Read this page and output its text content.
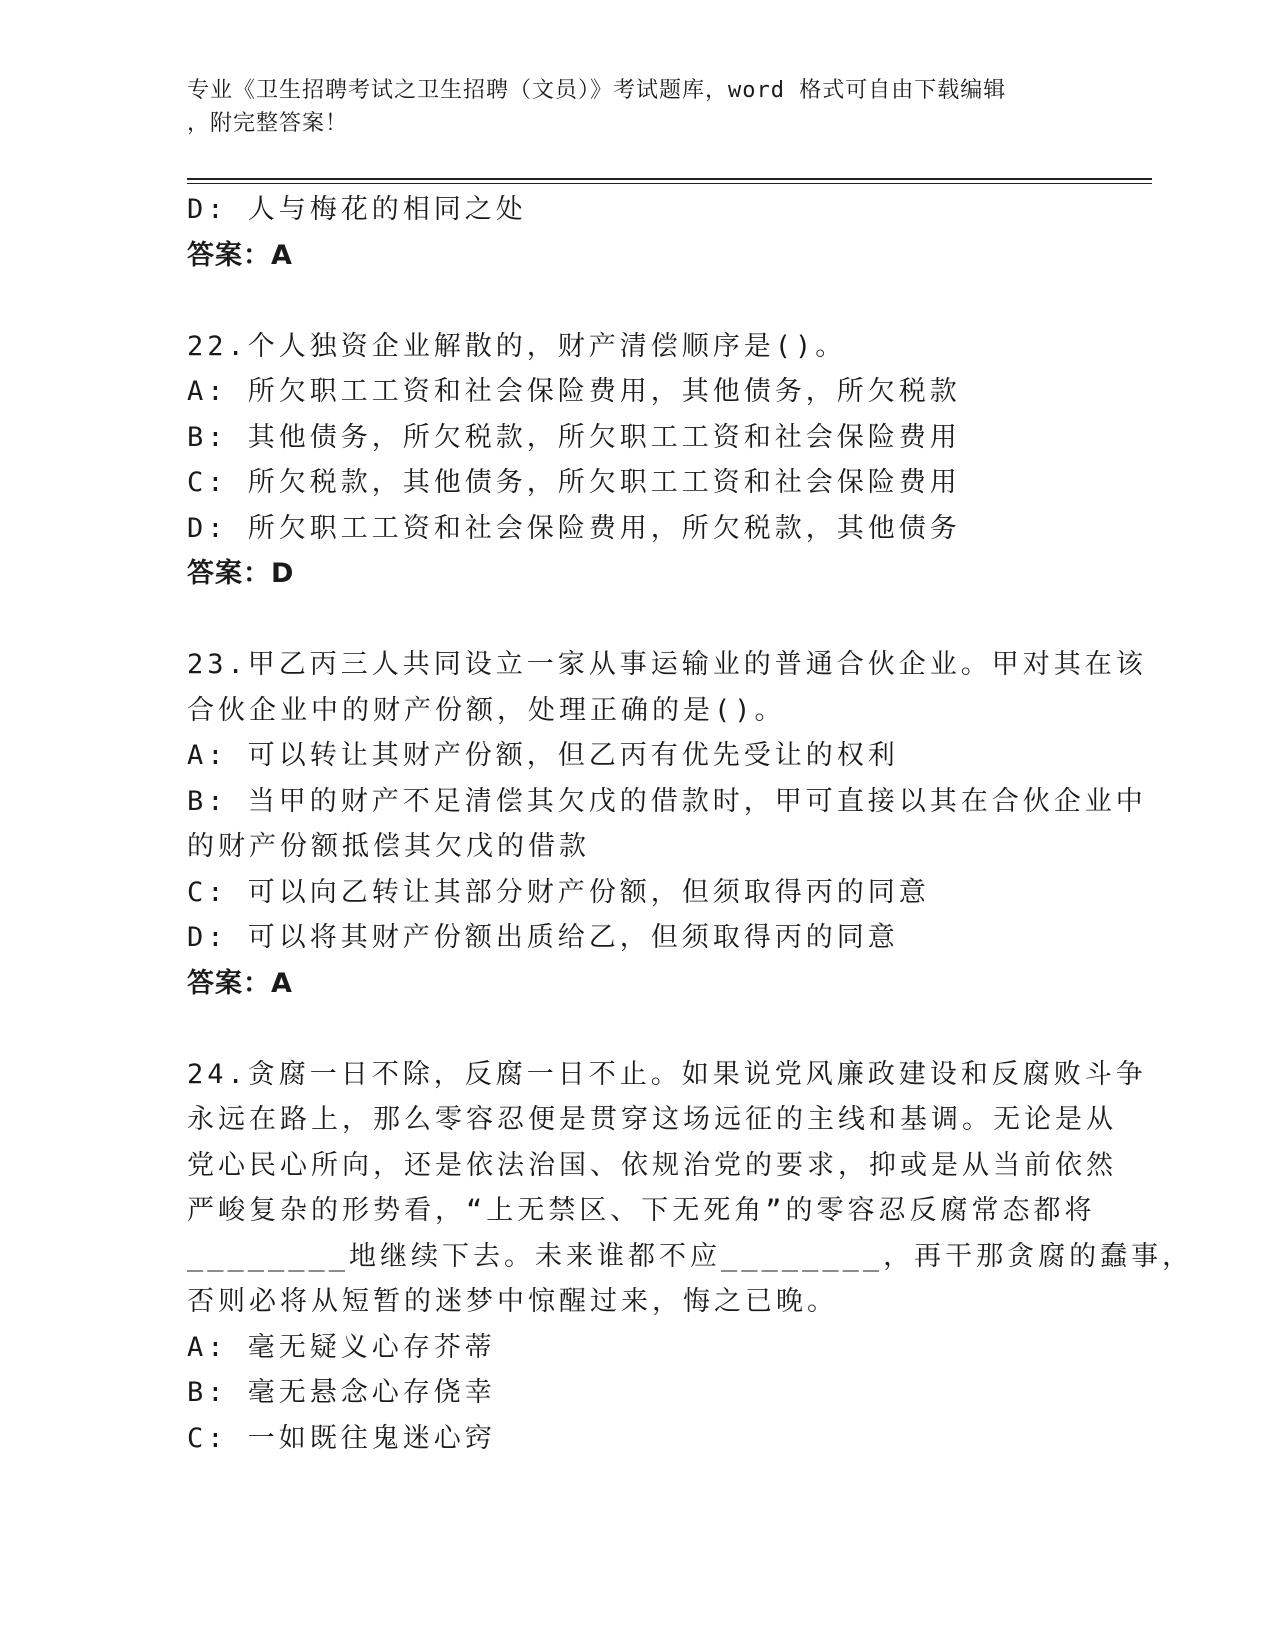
专业《卫生招聘考试之卫生招聘（文员）》考试题库，word 格式可自由下载编辑
，附完整答案！
D: 人与梅花的相同之处
答案：A
22.个人独资企业解散的，财产清偿顺序是()。
A: 所欠职工工资和社会保险费用，其他债务，所欠税款
B: 其他债务，所欠税款，所欠职工工资和社会保险费用
C: 所欠税款，其他债务，所欠职工工资和社会保险费用
D: 所欠职工工资和社会保险费用，所欠税款，其他债务
答案：D
23.甲乙丙三人共同设立一家从事运输业的普通合伙企业。甲对其在该
合伙企业中的财产份额，处理正确的是()。
A: 可以转让其财产份额，但乙丙有优先受让的权利
B: 当甲的财产不足清偿其欠戊的借款时，甲可直接以其在合伙企业中
的财产份额抵偿其欠戊的借款
C: 可以向乙转让其部分财产份额，但须取得丙的同意
D: 可以将其财产份额出质给乙，但须取得丙的同意
答案：A
24.贪腐一日不除，反腐一日不止。如果说党风廉政建设和反腐败斗争
永远在路上，那么零容忍便是贯穿这场远征的主线和基调。无论是从
党心民心所向，还是依法治国、依规治党的要求，抑或是从当前依然
严峻复杂的形势看，“上无禁区、下无死角”的零容忍反腐常态都将
________地继续下去。未来谁都不应________，再干那贪腐的蠢事，
否则必将从短暂的迷梦中惊醒过来，悔之已晚。
A: 毫无疑义心存芥蒂
B: 毫无悬念心存侥幸
C: 一如既往鬼迷心窍
